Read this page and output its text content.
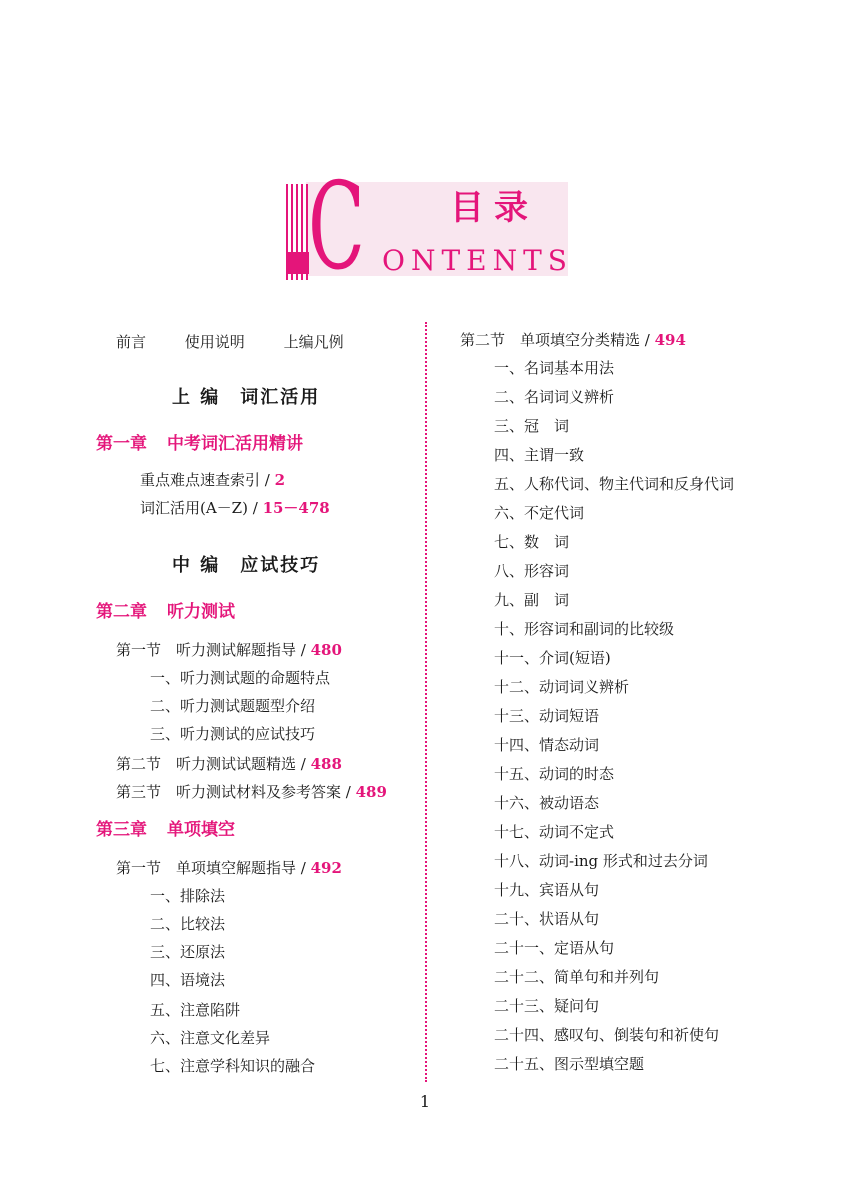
C	目录
ONTENTS
前言	使用说明	上编凡例
上 编　词汇活用
第一章 中考词汇活用精讲
重点难点速查索引 / 2
词汇活用(A－Z) / 15－478
中 编　应试技巧
第二章 听力测试
第一节　听力测试解题指导 / 480
一、听力测试题的命题特点
二、听力测试题题型介绍
三、听力测试的应试技巧
第二节　听力测试试题精选 / 488
第三节　听力测试材料及参考答案 / 489
第三章 单项填空
第一节　单项填空解题指导 / 492
一、排除法
二、比较法
三、还原法
四、语境法
五、注意陷阱
六、注意文化差异
七、注意学科知识的融合
第二节　单项填空分类精选 / 494
一、名词基本用法
二、名词词义辨析
三、冠　词
四、主谓一致
五、人称代词、物主代词和反身代词
六、不定代词
七、数　词
八、形容词
九、副　词
十、形容词和副词的比较级
十一、介词(短语)
十二、动词词义辨析
十三、动词短语
十四、情态动词
十五、动词的时态
十六、被动语态
十七、动词不定式
十八、动词-ing 形式和过去分词
十九、宾语从句
二十、状语从句
二十一、定语从句
二十二、简单句和并列句
二十三、疑问句
二十四、感叹句、倒装句和祈使句
二十五、图示型填空题
1
